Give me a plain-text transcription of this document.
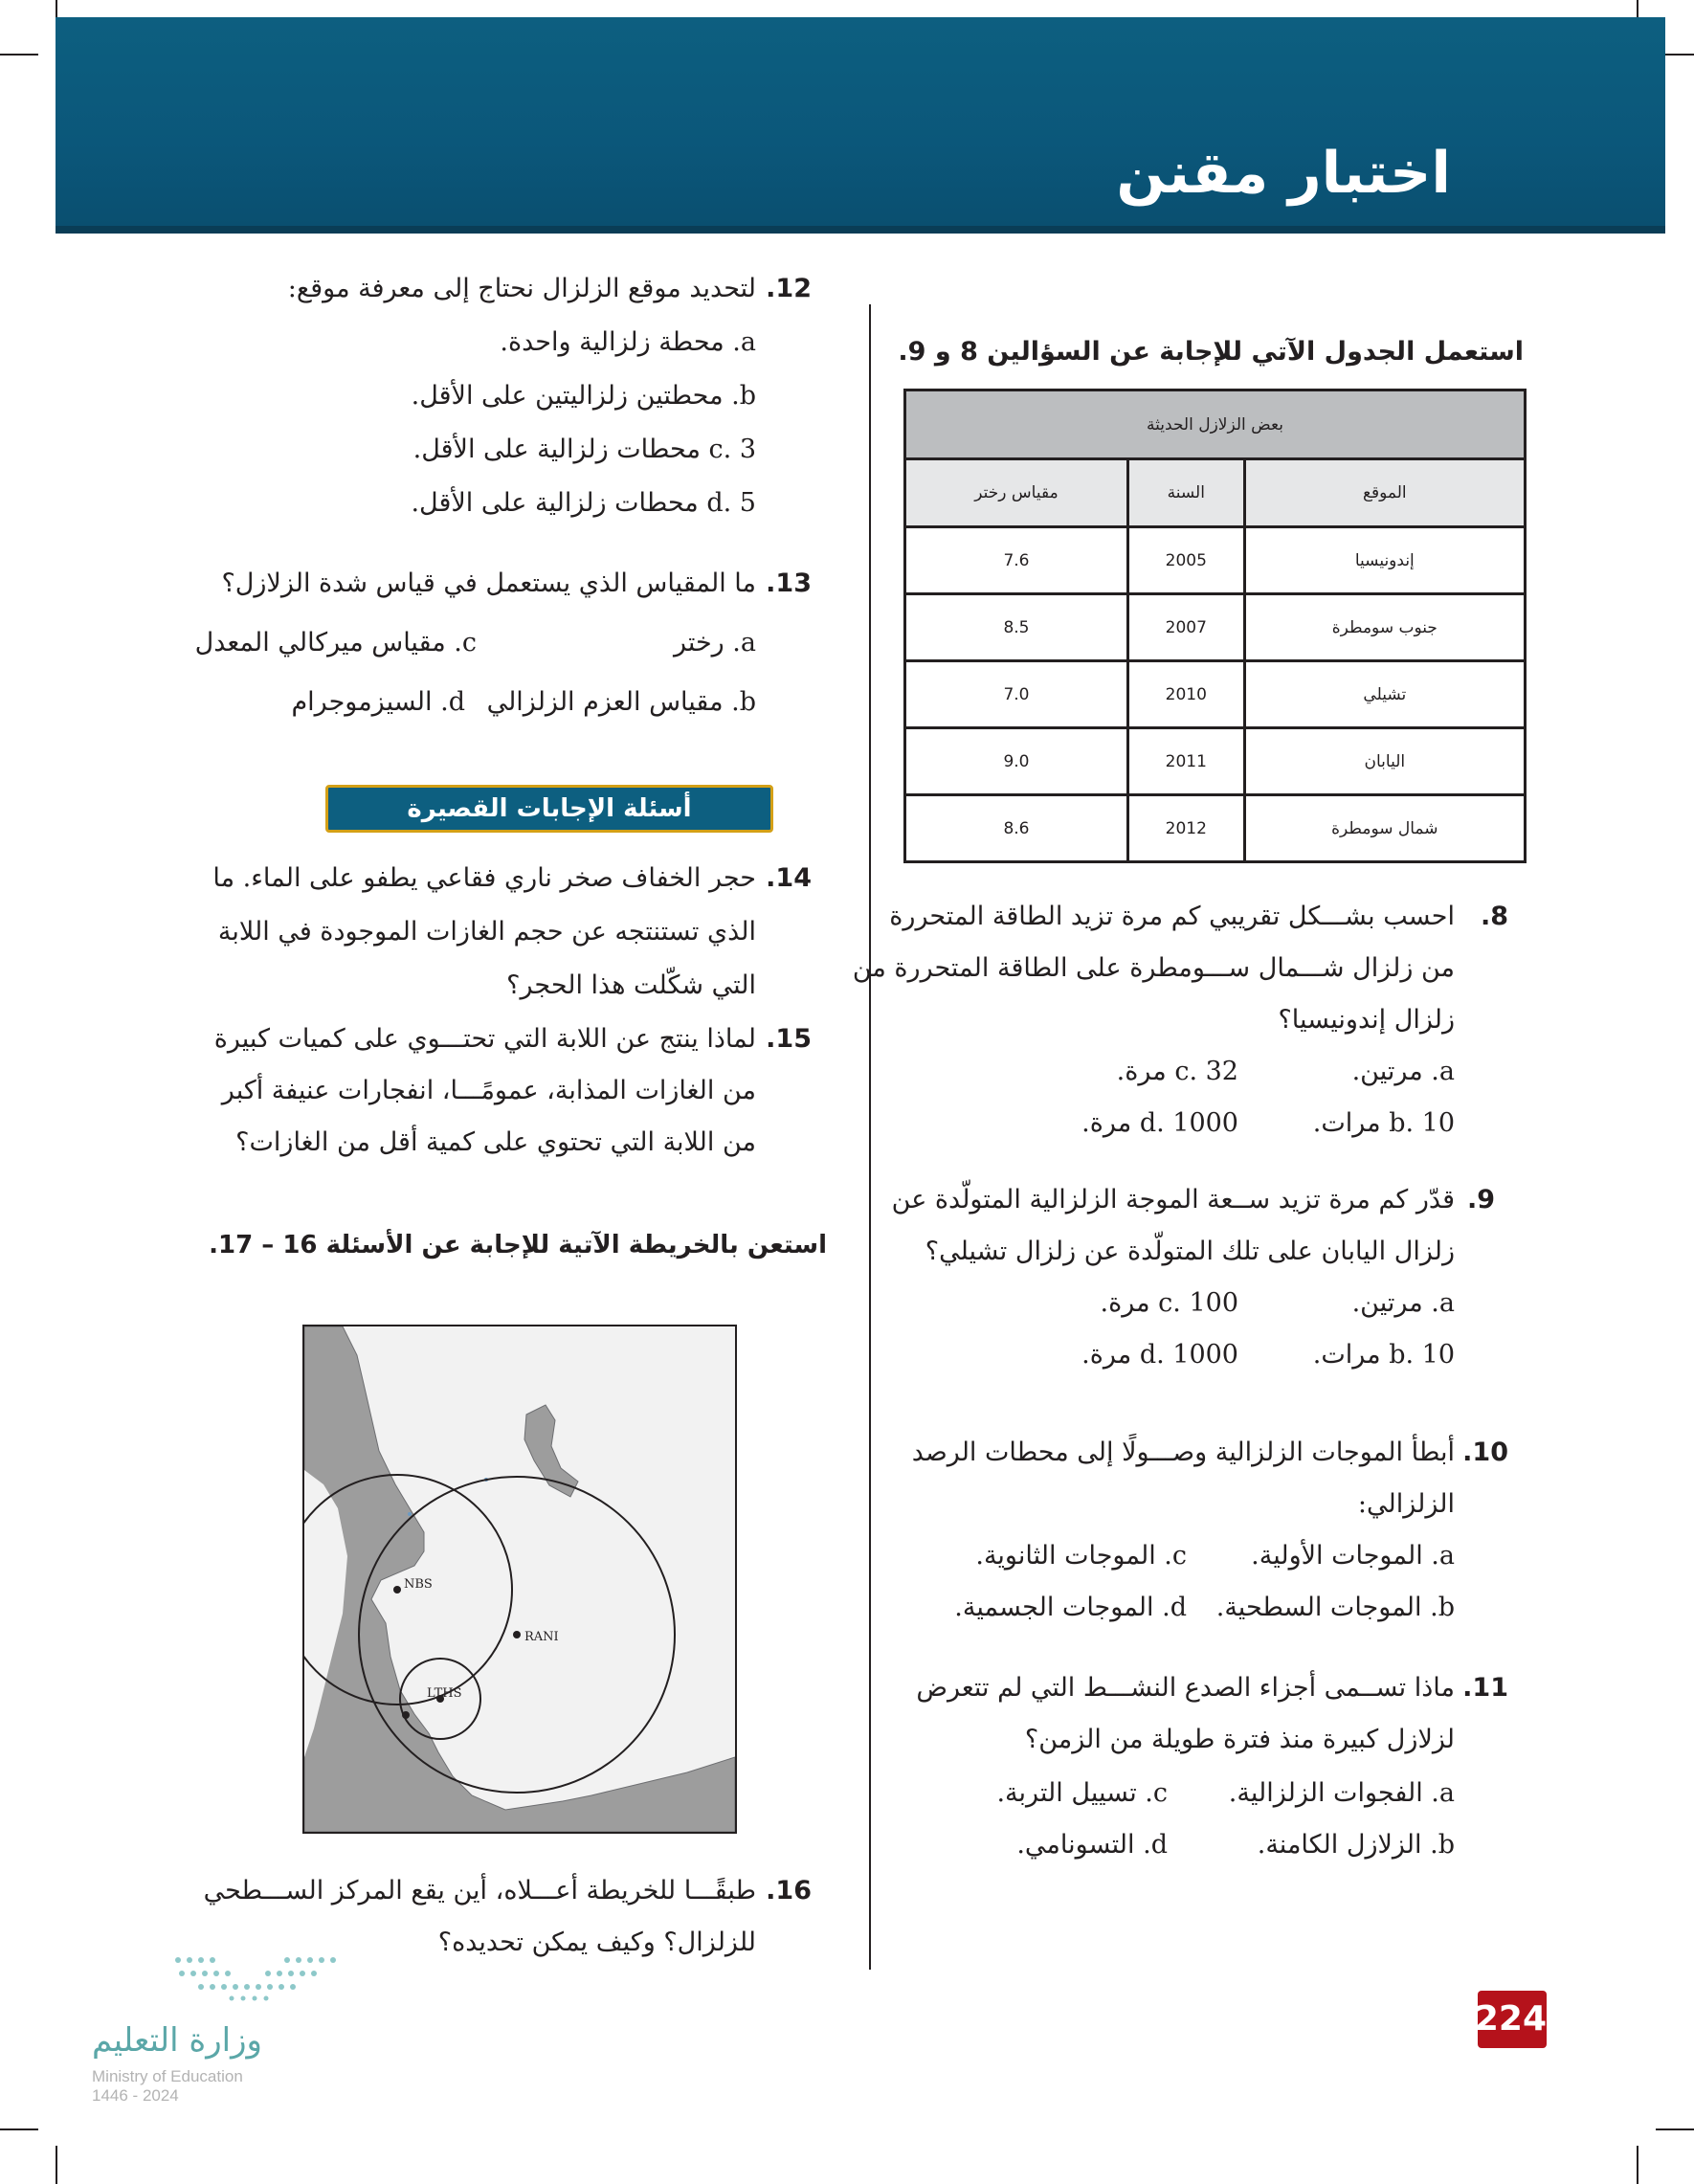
اختبار مقنن
استعمل الجدول الآتي للإجابة عن السؤالين 8 و 9.
بعض الزلازل الحديثة		
الموقع	السنة	مقياس رختر
إندونيسيا	2005	7.6
جنوب سومطرة	2007	8.5
تشيلي	2010	7.0
اليابان	2011	9.0
شمال سومطرة	2012	8.6
8.
احسب بشـــكل تقريبي كم مرة تزيد الطاقة المتحررة
من زلزال شـــمال ســـومطرة على الطاقة المتحررة من
زلزال إندونيسيا؟
a. مرتين.
c. 32 مرة.
b. 10 مرات.
d. 1000 مرة.
9.
قدّر كم مرة تزيد ســعة الموجة الزلزالية المتولّدة عن
زلزال اليابان على تلك المتولّدة عن زلزال تشيلي؟
a. مرتين.
c. 100 مرة.
b. 10 مرات.
d. 1000 مرة.
10.
أبطأ الموجات الزلزالية وصـــولًا إلى محطات الرصد
الزلزالي:
a. الموجات الأولية.
c. الموجات الثانوية.
b. الموجات السطحية.
d. الموجات الجسمية.
11.
ماذا تســمى أجزاء الصدع النشـــط التي لم تتعرض
لزلازل كبيرة منذ فترة طويلة من الزمن؟
a. الفجوات الزلزالية.
c. تسييل التربة.
b. الزلازل الكامنة.
d. التسونامي.
12.
لتحديد موقع الزلزال نحتاج إلى معرفة موقع:
a. محطة زلزالية واحدة.
b. محطتين زلزاليتين على الأقل.
c. 3 محطات زلزالية على الأقل.
d. 5 محطات زلزالية على الأقل.
13.
ما المقياس الذي يستعمل في قياس شدة الزلازل؟
a. رختر
c. مقياس ميركالي المعدل
b. مقياس العزم الزلزالي
d. السيزموجرام
أسئلة الإجابات القصيرة
14.
حجر الخفاف صخر ناري فقاعي يطفو على الماء. ما
الذي تستنتجه عن حجم الغازات الموجودة في اللابة
التي شكّلت هذا الحجر؟
15.
لماذا ينتج عن اللابة التي تحتـــوي على كميات كبيرة
من الغازات المذابة، عمومًـــا، انفجارات عنيفة أكبر
من اللابة التي تحتوي على كمية أقل من الغازات؟
استعن بالخريطة الآتية للإجابة عن الأسئلة 16 – 17.
NBS
RANI
LTHS
16.
طبقًـــا للخريطة أعـــلاه، أين يقع المركز الســـطحي
للزلزال؟ وكيف يمكن تحديده؟
224
وزارة التعليم
Ministry of Education
2024 - 1446
